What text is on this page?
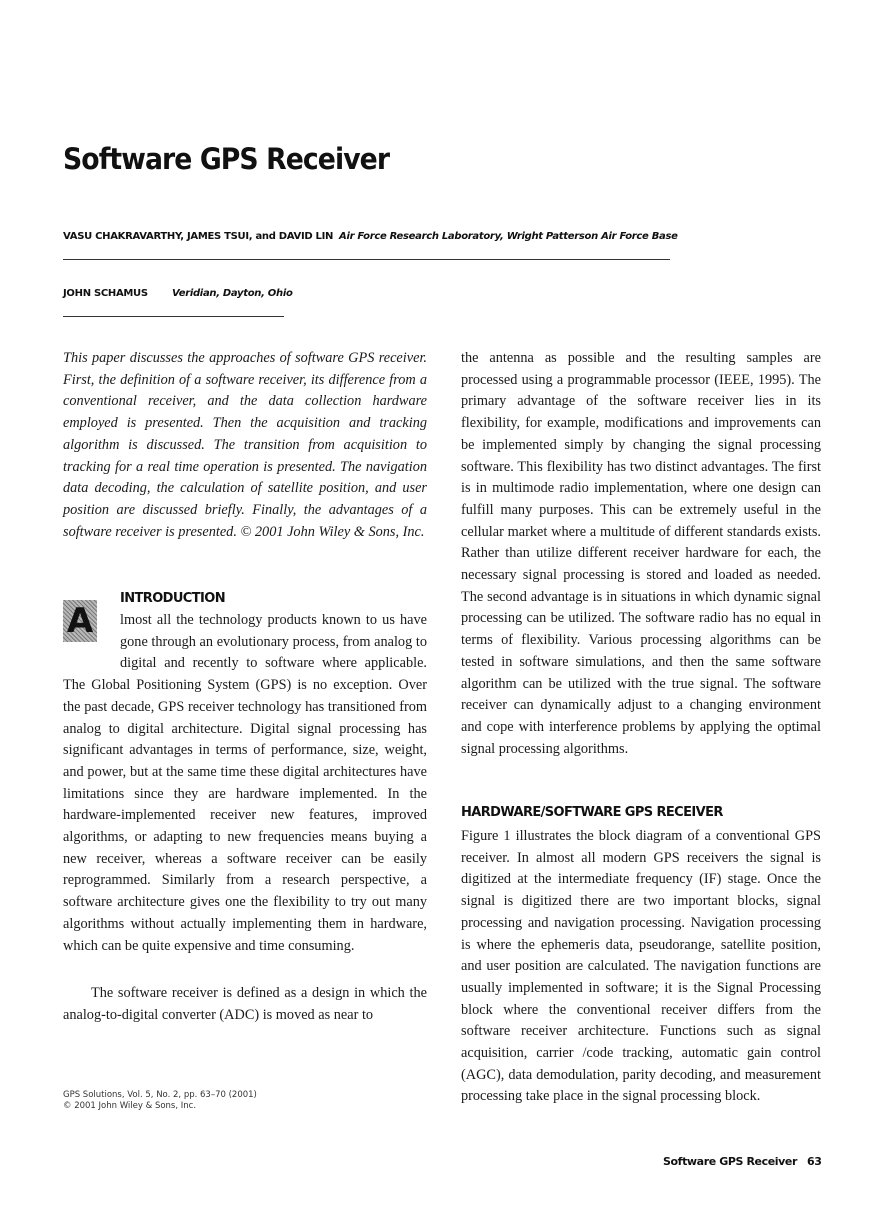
Software GPS Receiver
VASU CHAKRAVARTHY, JAMES TSUI, and DAVID LIN Air Force Research Laboratory, Wright Patterson Air Force Base
JOHN SCHAMUS Veridian, Dayton, Ohio
This paper discusses the approaches of software GPS receiver. First, the definition of a software receiver, its difference from a conventional receiver, and the data collection hardware employed is presented. Then the acquisition and tracking algorithm is discussed. The transition from acquisition to tracking for a real time operation is presented. The navigation data decoding, the calculation of satellite position, and user position are discussed briefly. Finally, the advantages of a software receiver is presented. © 2001 John Wiley & Sons, Inc.
INTRODUCTION
A	lmost all the technology products known to us have gone through an evolutionary process, from analog to digital and recently to software where applicable. The Global Positioning System (GPS) is no exception. Over the past decade, GPS receiver technology has transitioned from analog to digital architecture. Digital signal processing has significant advantages in terms of performance, size, weight, and power, but at the same time these digital architectures have limitations since they are hardware implemented. In the hardware-implemented receiver new features, improved algorithms, or adapting to new frequencies means buying a new receiver, whereas a software receiver can be easily reprogrammed. Similarly from a research perspective, a software architecture gives one the flexibility to try out many algorithms without actually implementing them in hardware, which can be quite expensive and time consuming.
The software receiver is defined as a design in which the analog-to-digital converter (ADC) is moved as near to
GPS Solutions, Vol. 5, No. 2, pp. 63–70 (2001)
© 2001 John Wiley & Sons, Inc.
the antenna as possible and the resulting samples are processed using a programmable processor (IEEE, 1995). The primary advantage of the software receiver lies in its flexibility, for example, modifications and improvements can be implemented simply by changing the signal processing software. This flexibility has two distinct advantages. The first is in multimode radio implementation, where one design can fulfill many purposes. This can be extremely useful in the cellular market where a multitude of different standards exists. Rather than utilize different receiver hardware for each, the necessary signal processing is stored and loaded as needed. The second advantage is in situations in which dynamic signal processing can be utilized. The software radio has no equal in terms of flexibility. Various processing algorithms can be tested in software simulations, and then the same software algorithm can be utilized with the true signal. The software receiver can dynamically adjust to a changing environment and cope with interference problems by applying the optimal signal processing algorithms.
HARDWARE/SOFTWARE GPS RECEIVER
Figure 1 illustrates the block diagram of a conventional GPS receiver. In almost all modern GPS receivers the signal is digitized at the intermediate frequency (IF) stage. Once the signal is digitized there are two important blocks, signal processing and navigation processing. Navigation processing is where the ephemeris data, pseudorange, satellite position, and user position are calculated. The navigation functions are usually implemented in software; it is the Signal Processing block where the conventional receiver differs from the software receiver architecture. Functions such as signal acquisition, carrier /code tracking, automatic gain control (AGC), data demodulation, parity decoding, and measurement processing take place in the signal processing block.
Software GPS Receiver 63
